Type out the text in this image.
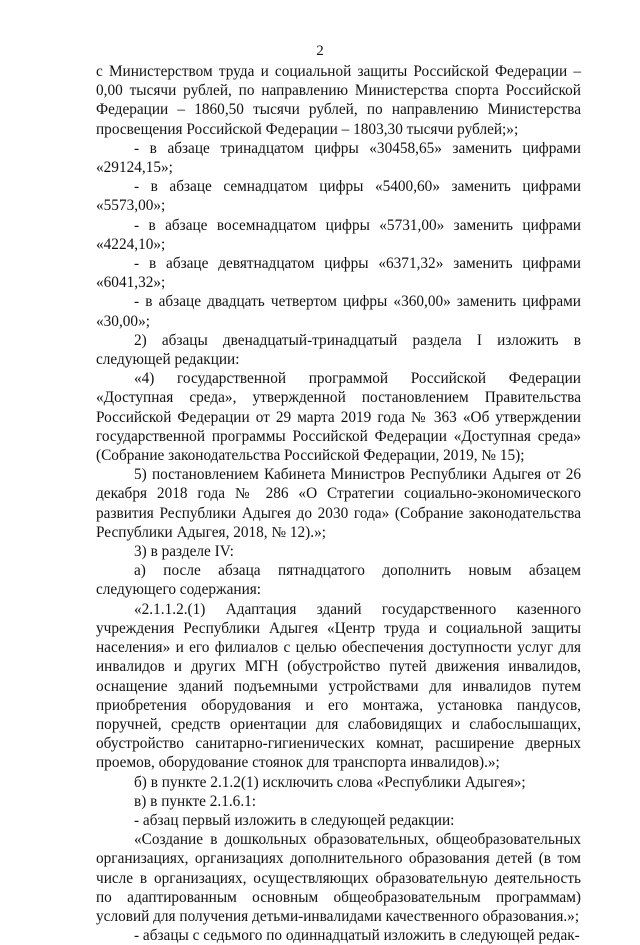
2

с Министерством труда и социальной защиты Российской Федерации – 0,00 тысячи рублей, по направлению Министерства спорта Российской Федерации – 1860,50 тысячи рублей, по направлению Министерства просвещения Российской Федерации – 1803,30 тысячи рублей;»;

- в абзаце тринадцатом цифры «30458,65» заменить цифрами «29124,15»;

- в абзаце семнадцатом цифры «5400,60» заменить цифрами «5573,00»;

- в абзаце восемнадцатом цифры «5731,00» заменить цифрами «4224,10»;

- в абзаце девятнадцатом цифры «6371,32» заменить цифрами «6041,32»;

- в абзаце двадцать четвертом цифры «360,00» заменить цифрами «30,00»;

2) абзацы двенадцатый-тринадцатый раздела I изложить в следующей редакции:

«4) государственной программой Российской Федерации «Доступная среда», утвержденной постановлением Правительства Российской Федерации от 29 марта 2019 года № 363 «Об утверждении государственной программы Российской Федерации «Доступная среда» (Собрание законодательства Российской Федерации, 2019, № 15);

5) постановлением Кабинета Министров Республики Адыгея от 26 декабря 2018 года № 286 «О Стратегии социально-экономического развития Республики Адыгея до 2030 года» (Собрание законодательства Республики Адыгея, 2018, № 12).»;

3) в разделе IV:

а) после абзаца пятнадцатого дополнить новым абзацем следующего содержания:

«2.1.1.2.(1) Адаптация зданий государственного казенного учреждения Республики Адыгея «Центр труда и социальной защиты населения» и его филиалов с целью обеспечения доступности услуг для инвалидов и других МГН (обустройство путей движения инвалидов, оснащение зданий подъемными устройствами для инвалидов путем приобретения оборудования и его монтажа, установка пандусов, поручней, средств ориентации для слабовидящих и слабослышащих, обустройство санитарно-гигиенических комнат, расширение дверных проемов, оборудование стоянок для транспорта инвалидов).»;

б) в пункте 2.1.2(1) исключить слова «Республики Адыгея»;

в) в пункте 2.1.6.1:

- абзац первый изложить в следующей редакции:

«Создание в дошкольных образовательных, общеобразовательных организациях, организациях дополнительного образования детей (в том числе в организациях, осуществляющих образовательную деятельность по адаптированным основным общеобразовательным программам) условий для получения детьми-инвалидами качественного образования.»;

- абзацы с седьмого по одиннадцатый изложить в следующей редак-
